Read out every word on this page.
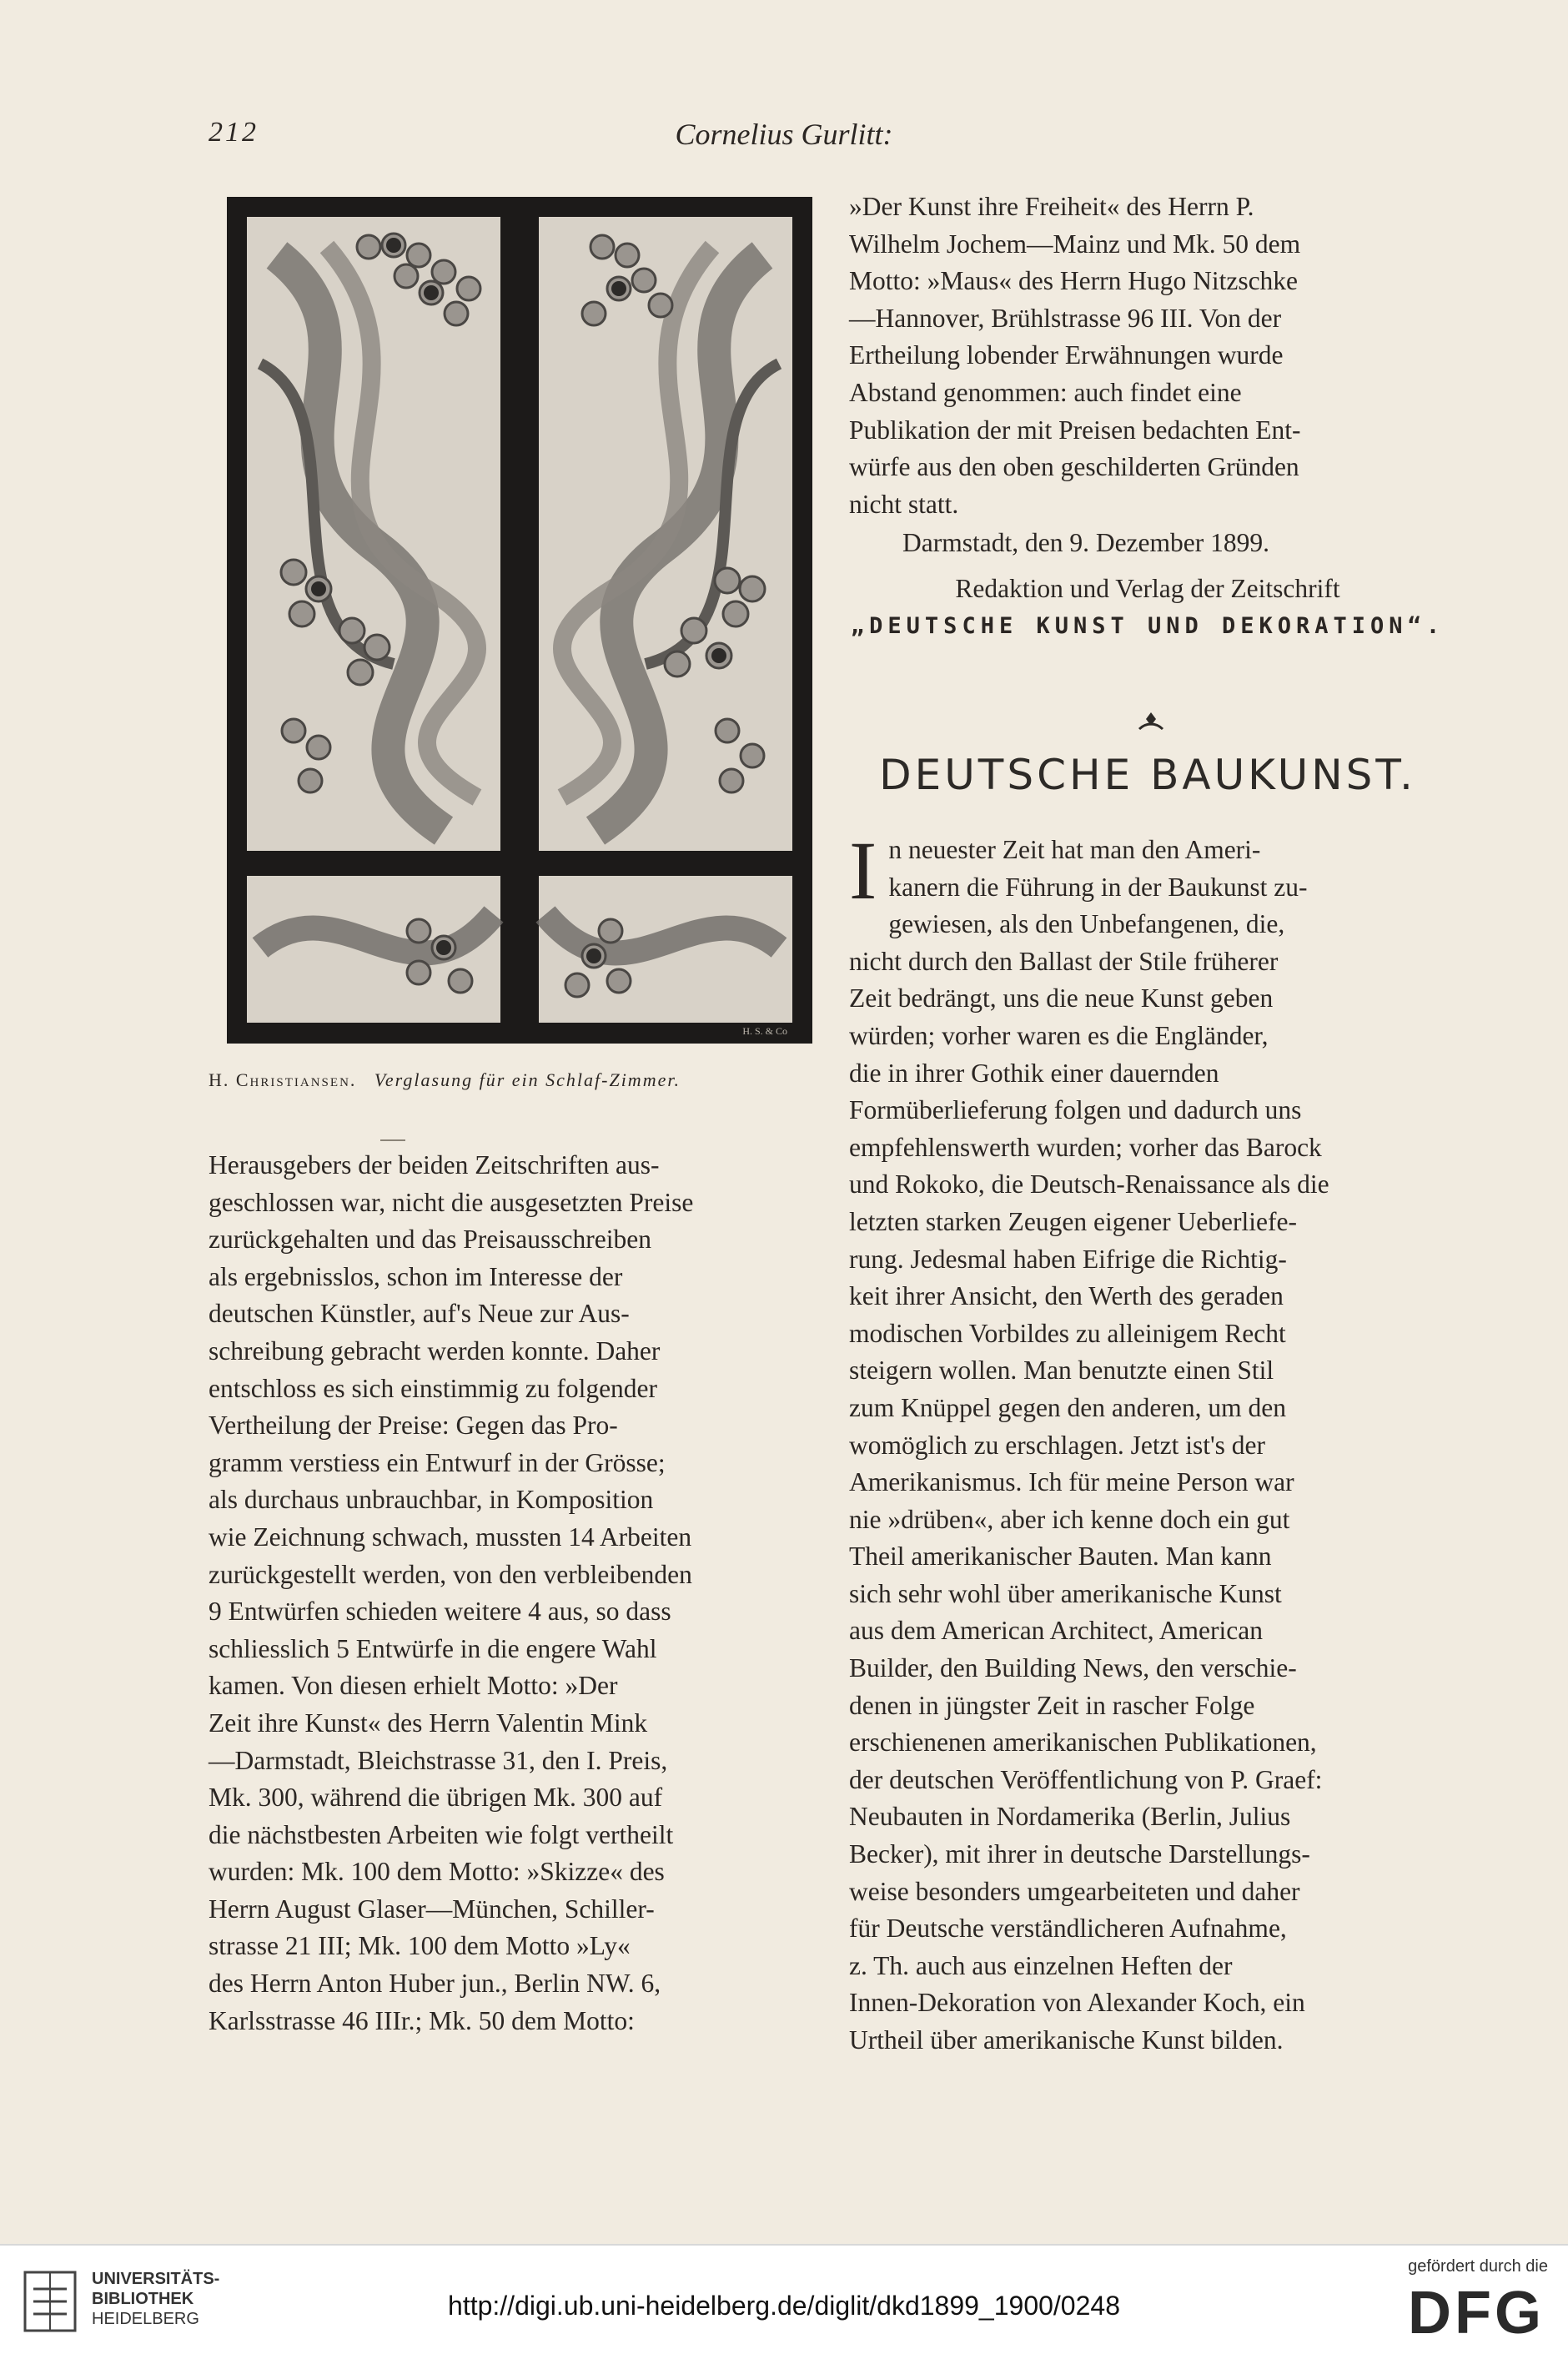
212	Cornelius Gurlitt:
H. S. & Co
H. Christiansen. Verglasung für ein Schlaf-Zimmer.

Herausgebers der beiden Zeitschriften aus-

geschlossen war, nicht die ausgesetzten Preise

zurückgehalten und das Preisausschreiben

als ergebnisslos, schon im Interesse der

deutschen Künstler, auf's Neue zur Aus-

schreibung gebracht werden konnte. Daher

entschloss es sich einstimmig zu folgender

Vertheilung der Preise: Gegen das Pro-

gramm verstiess ein Entwurf in der Grösse;

als durchaus unbrauchbar, in Komposition

wie Zeichnung schwach, mussten 14 Arbeiten

zurückgestellt werden, von den verbleibenden

9 Entwürfen schieden weitere 4 aus, so dass

schliesslich 5 Entwürfe in die engere Wahl

kamen. Von diesen erhielt Motto: »Der

Zeit ihre Kunst« des Herrn Valentin Mink

—Darmstadt, Bleichstrasse 31, den I. Preis,

Mk. 300, während die übrigen Mk. 300 auf

die nächstbesten Arbeiten wie folgt vertheilt

wurden: Mk. 100 dem Motto: »Skizze« des

Herrn August Glaser—München, Schiller-

strasse 21 III; Mk. 100 dem Motto »Ly«

des Herrn Anton Huber jun., Berlin NW. 6,

Karlsstrasse 46 IIIr.; Mk. 50 dem Motto:

»Der Kunst ihre Freiheit« des Herrn P.

Wilhelm Jochem—Mainz und Mk. 50 dem

Motto: »Maus« des Herrn Hugo Nitzschke

—Hannover, Brühlstrasse 96 III. Von der

Ertheilung lobender Erwähnungen wurde

Abstand genommen: auch findet eine

Publikation der mit Preisen bedachten Ent-

würfe aus den oben geschilderten Gründen

nicht statt.

Darmstadt, den 9. Dezember 1899.

Redaktion und Verlag der Zeitschrift

„DEUTSCHE KUNST UND DEKORATION“.

DEUTSCHE BAUKUNST.
I n neuester Zeit hat man den Ameri-

kanern die Führung in der Baukunst zu-

gewiesen, als den Unbefangenen, die,

nicht durch den Ballast der Stile früherer

Zeit bedrängt, uns die neue Kunst geben

würden; vorher waren es die Engländer,

die in ihrer Gothik einer dauernden

Formüberlieferung folgen und dadurch uns

empfehlenswerth wurden; vorher das Barock

und Rokoko, die Deutsch-Renaissance als die

letzten starken Zeugen eigener Ueberliefe-

rung. Jedesmal haben Eifrige die Richtig-

keit ihrer Ansicht, den Werth des geraden

modischen Vorbildes zu alleinigem Recht

steigern wollen. Man benutzte einen Stil

zum Knüppel gegen den anderen, um den

womöglich zu erschlagen. Jetzt ist's der

Amerikanismus. Ich für meine Person war

nie »drüben«, aber ich kenne doch ein gut

Theil amerikanischer Bauten. Man kann

sich sehr wohl über amerikanische Kunst

aus dem American Architect, American

Builder, den Building News, den verschie-

denen in jüngster Zeit in rascher Folge

erschienenen amerikanischen Publikationen,

der deutschen Veröffentlichung von P. Graef:

Neubauten in Nordamerika (Berlin, Julius

Becker), mit ihrer in deutsche Darstellungs-

weise besonders umgearbeiteten und daher

für Deutsche verständlicheren Aufnahme,

z. Th. auch aus einzelnen Heften der

Innen-Dekoration von Alexander Koch, ein

Urtheil über amerikanische Kunst bilden.

UNIVERSITÄTS-
BIBLIOTHEK
HEIDELBERG	http://digi.ub.uni-heidelberg.de/diglit/dkd1899_1900/0248
gefördert durch die
DFG
